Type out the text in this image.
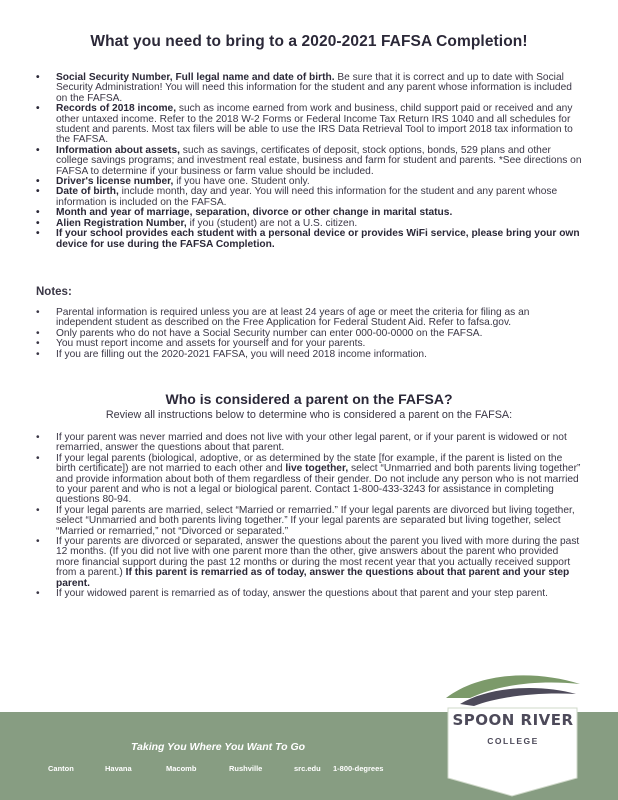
What you need to bring to a 2020-2021 FAFSA Completion!
• Social Security Number, Full legal name and date of birth. Be sure that it is correct and up to date with Social Security Administration! You will need this information for the student and any parent whose information is included on the FAFSA.
• Records of 2018 income, such as income earned from work and business, child support paid or received and any other untaxed income. Refer to the 2018 W-2 Forms or Federal Income Tax Return IRS 1040 and all schedules for student and parents. Most tax filers will be able to use the IRS Data Retrieval Tool to import 2018 tax information to the FAFSA.
• Information about assets, such as savings, certificates of deposit, stock options, bonds, 529 plans and other college savings programs; and investment real estate, business and farm for student and parents. *See directions on FAFSA to determine if your business or farm value should be included.
• Driver's license number, if you have one. Student only.
• Date of birth, include month, day and year. You will need this information for the student and any parent whose information is included on the FAFSA.
• Month and year of marriage, separation, divorce or other change in marital status.
• Alien Registration Number, if you (student) are not a U.S. citizen.
• If your school provides each student with a personal device or provides WiFi service, please bring your own device for use during the FAFSA Completion.

Notes:

• Parental information is required unless you are at least 24 years of age or meet the criteria for filing as an independent student as described on the Free Application for Federal Student Aid. Refer to fafsa.gov.
• Only parents who do not have a Social Security number can enter 000-00-0000 on the FAFSA.
• You must report income and assets for yourself and for your parents.
• If you are filling out the 2020-2021 FAFSA, you will need 2018 income information.

Who is considered a parent on the FAFSA?

Review all instructions below to determine who is considered a parent on the FAFSA:

• If your parent was never married and does not live with your other legal parent, or if your parent is widowed or not remarried, answer the questions about that parent.
• If your legal parents (biological, adoptive, or as determined by the state [for example, if the parent is listed on the birth certificate]) are not married to each other and live together, select “Unmarried and both parents living together” and provide information about both of them regardless of their gender. Do not include any person who is not married to your parent and who is not a legal or biological parent. Contact 1-800-433-3243 for assistance in completing questions 80-94.
• If your legal parents are married, select “Married or remarried.” If your legal parents are divorced but living together, select “Unmarried and both parents living together.” If your legal parents are separated but living together, select “Married or remarried,” not “Divorced or separated.”
• If your parents are divorced or separated, answer the questions about the parent you lived with more during the past 12 months. (If you did not live with one parent more than the other, give answers about the parent who provided more financial support during the past 12 months or during the most recent year that you actually received support from a parent.) If this parent is remarried as of today, answer the questions about that parent and your step parent.
• If your widowed parent is remarried as of today, answer the questions about that parent and your step parent.

Taking You Where You Want To Go

Canton	Havana	Macomb	Rushville	src.edu 1-800-degrees
SPOON RIVER
COLLEGE
